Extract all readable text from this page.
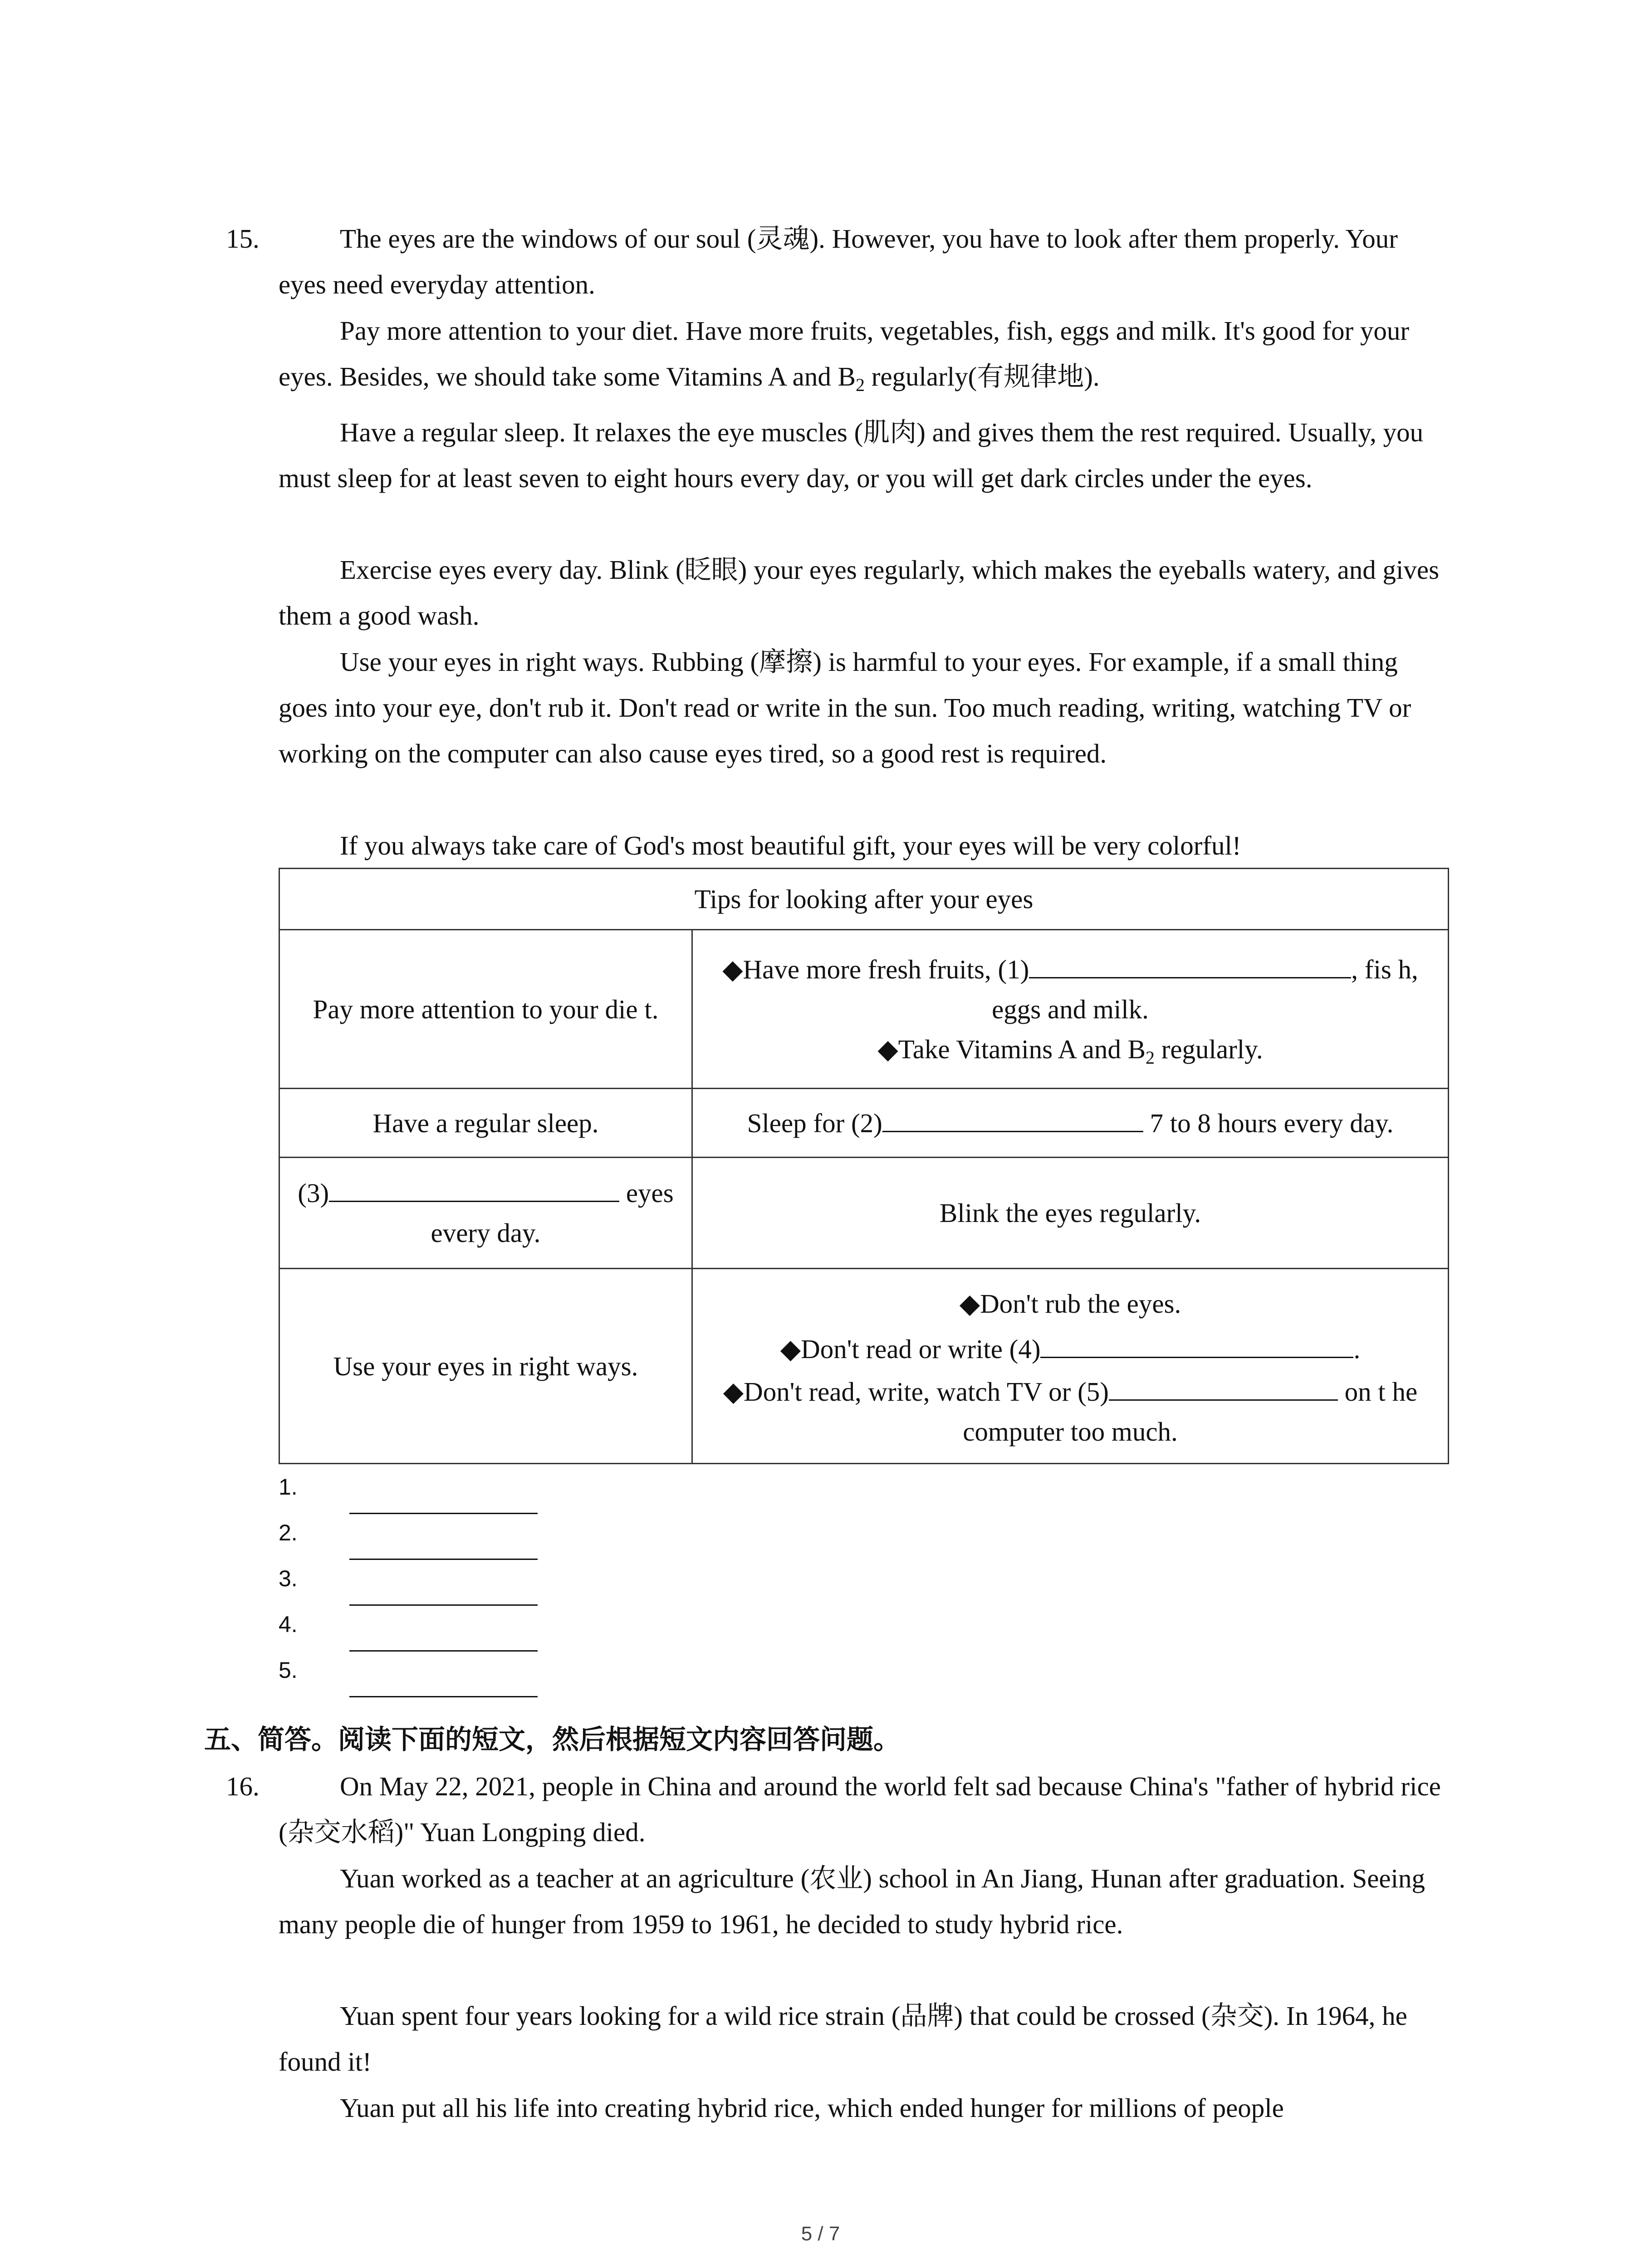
15.	The eyes are the windows of our soul (灵魂). However, you have to look after them properly. Your eyes need everyday attention.

Pay more attention to your diet. Have more fruits, vegetables, fish, eggs and milk. It's good for your eyes. Besides, we should take some Vitamins A and $B_2$ regularly(有规律地).

Have a regular sleep. It relaxes the eye muscles (肌肉) and gives them the rest required. Usually, you must sleep for at least seven to eight hours every day, or you will get dark circles under the eyes.

Exercise eyes every day. Blink (眨眼) your eyes regularly, which makes the eyeballs watery, and gives them a good wash.

Use your eyes in right ways. Rubbing (摩擦) is harmful to your eyes. For example, if a small thing goes into your eye, don't rub it. Don't read or write in the sun. Too much reading, writing, watching TV or working on the computer can also cause eyes tired, so a good rest is required.

If you always take care of God's most beautiful gift, your eyes will be very colorful!

Tips for looking after your eyes	
Pay more attention to your die t.	◆Have more fresh fruits, (1) , fis h, eggs and milk.
◆Take Vitamins A and $B_2$ regularly.

Have a regular sleep.	Sleep for (2) 7 to 8 hours every day.
(3) eyes every day.	Blink the eyes regularly.
Use your eyes in right ways.	◆Don't rub the eyes.
◆Don't read or write (4) .
◆Don't read, write, watch TV or (5) on t he computer too much.
1.
2.
3.
4.
5.
五、简答。阅读下面的短文，然后根据短文内容回答问题。
16.	On May 22, 2021, people in China and around the world felt sad because China's "father of hybrid rice (杂交水稻)" Yuan Longping died.

Yuan worked as a teacher at an agriculture (农业) school in An Jiang, Hunan after graduation. Seeing many people die of hunger from 1959 to 1961, he decided to study hybrid rice.

Yuan spent four years looking for a wild rice strain (品牌) that could be crossed (杂交). In 1964, he found it!

Yuan put all his life into creating hybrid rice, which ended hunger for millions of people

5 / 7
